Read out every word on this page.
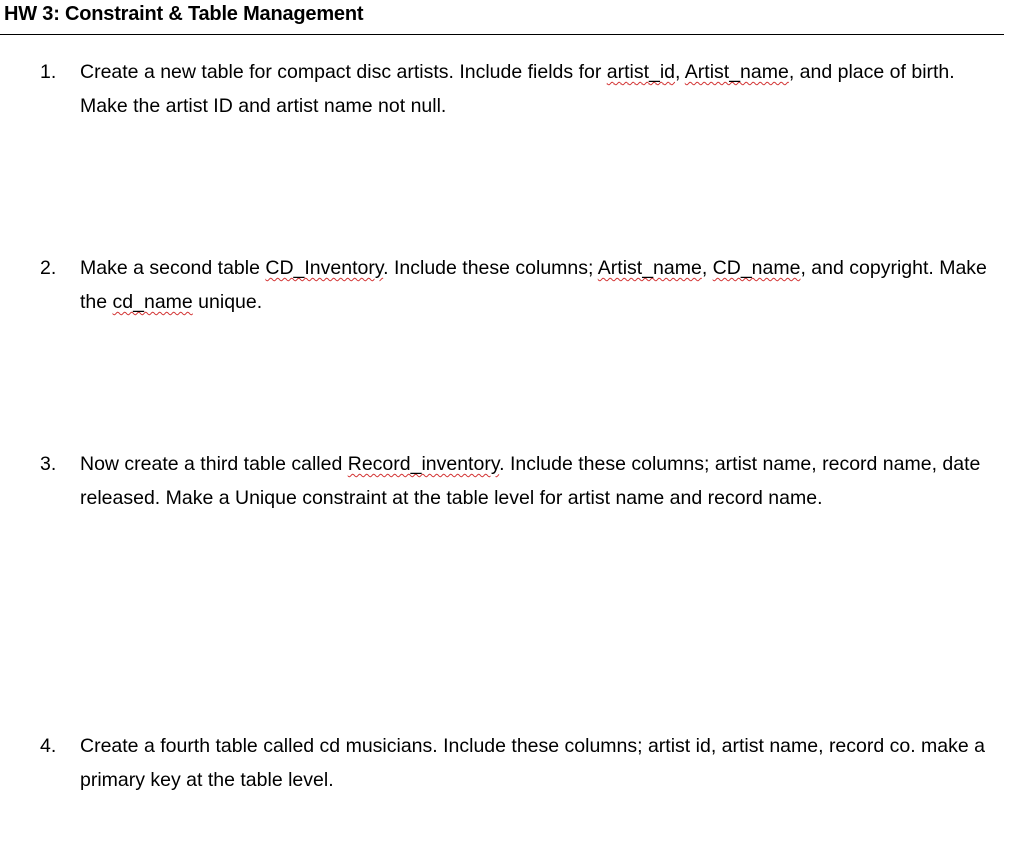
HW 3: Constraint & Table Management
1. Create a new table for compact disc artists. Include fields for artist_id, Artist_name, and place of birth. Make the artist ID and artist name not null.
2. Make a second table CD_Inventory. Include these columns; Artist_name, CD_name, and copyright. Make the cd_name unique.
3. Now create a third table called Record_inventory. Include these columns; artist name, record name, date released. Make a Unique constraint at the table level for artist name and record name.
4. Create a fourth table called cd musicians. Include these columns; artist id, artist name, record co. make a primary key at the table level.
